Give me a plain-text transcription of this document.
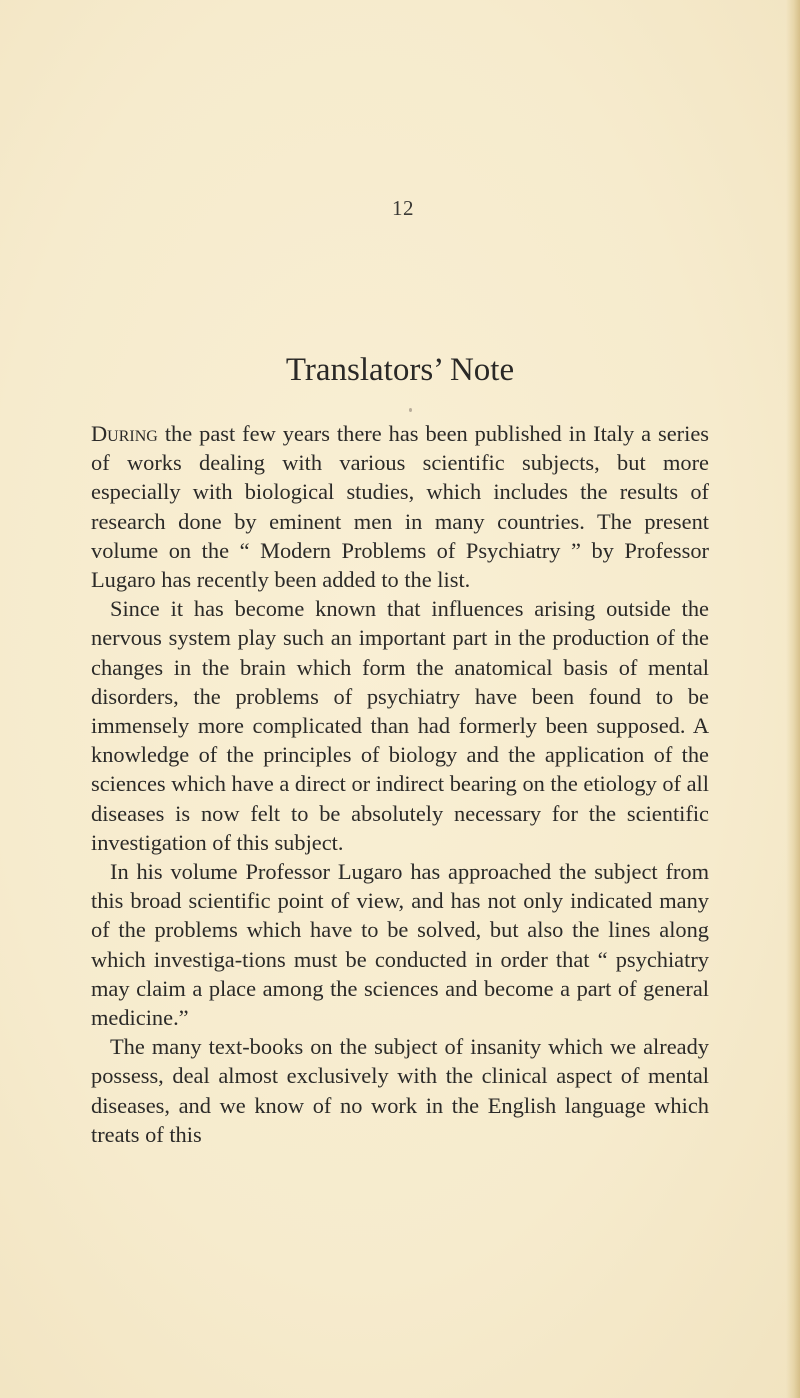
12
Translators’ Note

During the past few years there has been published in Italy a series of works dealing with various scientific subjects, but more especially with biological studies, which includes the results of research done by eminent men in many countries. The present volume on the “ Modern Problems of Psychiatry ” by Professor Lugaro has recently been added to the list.

Since it has become known that influences arising outside the nervous system play such an important part in the production of the changes in the brain which form the anatomical basis of mental disorders, the problems of psychiatry have been found to be immensely more complicated than had formerly been supposed. A knowledge of the principles of biology and the application of the sciences which have a direct or indirect bearing on the etiology of all diseases is now felt to be absolutely necessary for the scientific investigation of this subject.

In his volume Professor Lugaro has approached the subject from this broad scientific point of view, and has not only indicated many of the problems which have to be solved, but also the lines along which investiga-tions must be conducted in order that “ psychiatry may claim a place among the sciences and become a part of general medicine.”

The many text-books on the subject of insanity which we already possess, deal almost exclusively with the clinical aspect of mental diseases, and we know of no work in the English language which treats of this
